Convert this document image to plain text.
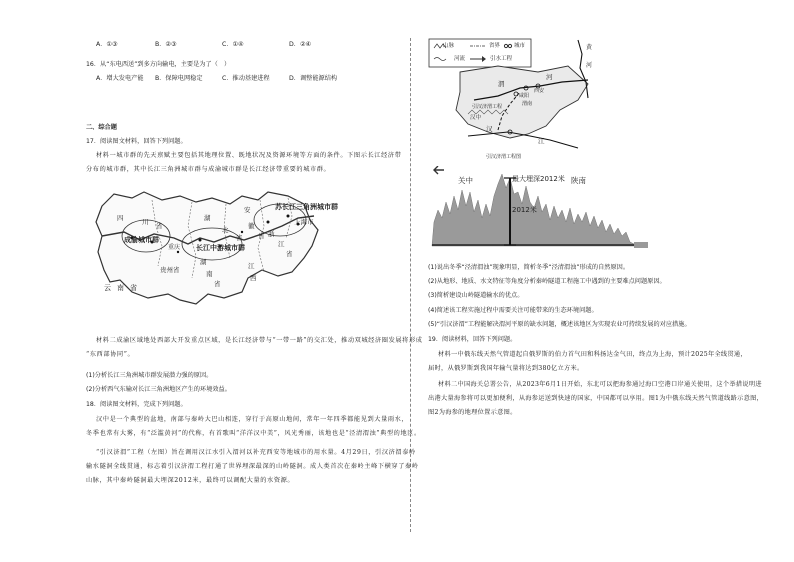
A．①③	B．②③	C．①④	D．②④
16．从“东电西送”到多方向输电，主要是为了（　）
A．增大发电产能 B．保障电网稳定	C．推动基建进程	D．调整能源结构
二、综合题
17．阅读图文材料，回答下列问题。
材料一城市群的先天禀赋主要包括其地理位置、既地状况及资源环境等方面的条件。下图示长江经济带
分布的城市群，其中长江三角洲城市群与成渝城市群是长江经济带重要的城市群。
四	川 省
成渝城市群
湖
北
省
安
徽
省
苏长江三角洲城市群
上海市
浙
江
省
长江中游城市群
贵州省
湖
南
省
江
西
云南省
重庆
材料二成渝区域地处西部大开发重点区域，是长江经济带与“一带一路”的交汇处，推动双城经济圈发展将形成
“东西部协同”。
(1)分析长江三角洲城市群发展潜力强的原因。
(2)分析西气东输对长江三角洲地区产生的环境效益。
18．阅读图文材料，完成下列问题。
汉中是一个典型的盆地，南部与秦岭大巴山相连，穿行于高原山地间，常年一年四季都能见到大量雨水，
冬季也常有大雾，有“泛滥黄河”的代称，有首歌叫“洋洋汉中美”，风光秀丽，该地也是“泾清渭浊”典型的地区。
“引汉济渭”工程（左图）旨在调用汉江水引入渭河以补充西安等地城市的用水量。4月29日，引汉济渭泰岭
输水隧洞全线贯通，标志着引汉济渭工程打通了世界埋深最深的山岭隧洞。成人类首次在秦岭主峰下横穿了秦岭
山脉，其中秦岭隧洞最大埋深2012米，最终可以调配大量的水资源。
山脉	省界	城市
河流	引水工程
黄
河
渭
河
咸阳
西安
渭南
汉中
引汉济渭工程
汉
江
引汉济渭工程图
关中	最大埋深2012米 陕南
2012米
(1)说出冬季“泾清渭浊”现象明显，简析冬季“泾清渭浊”形成的自然原因。
(2)从地形、地质、水文特征等角度分析秦岭隧道工程施工中遇到的主要难点问题原因。
(3)简析建设山岭隧道输水的优点。
(4)简述该工程实施过程中需要关注可能带来的生态环境问题。
(5)“引汉济渭”工程能解决渭河平原的缺水问题，概述该地区为实现农业可持续发展的对应措施。
19．阅读材料，回答下列问题。
材料一中俄东线天然气管道起自俄罗斯的伯力首气田和科扬达金气田，终点为上海，预计2025年全线贯通，
届时，从俄罗斯到我国年输气量将达到380亿立方米。
材料二中国海关总署公告，从2023年6月1日开始，东北可以把海参通过海口空港口岸通关使用，这个举措说明进
出港大量海参将可以更加便利，从海参运送到快速的国家，中国都可以享用。图1为中俄东线天然气管道线路示意图，
图2为海参的地理位置示意图。
